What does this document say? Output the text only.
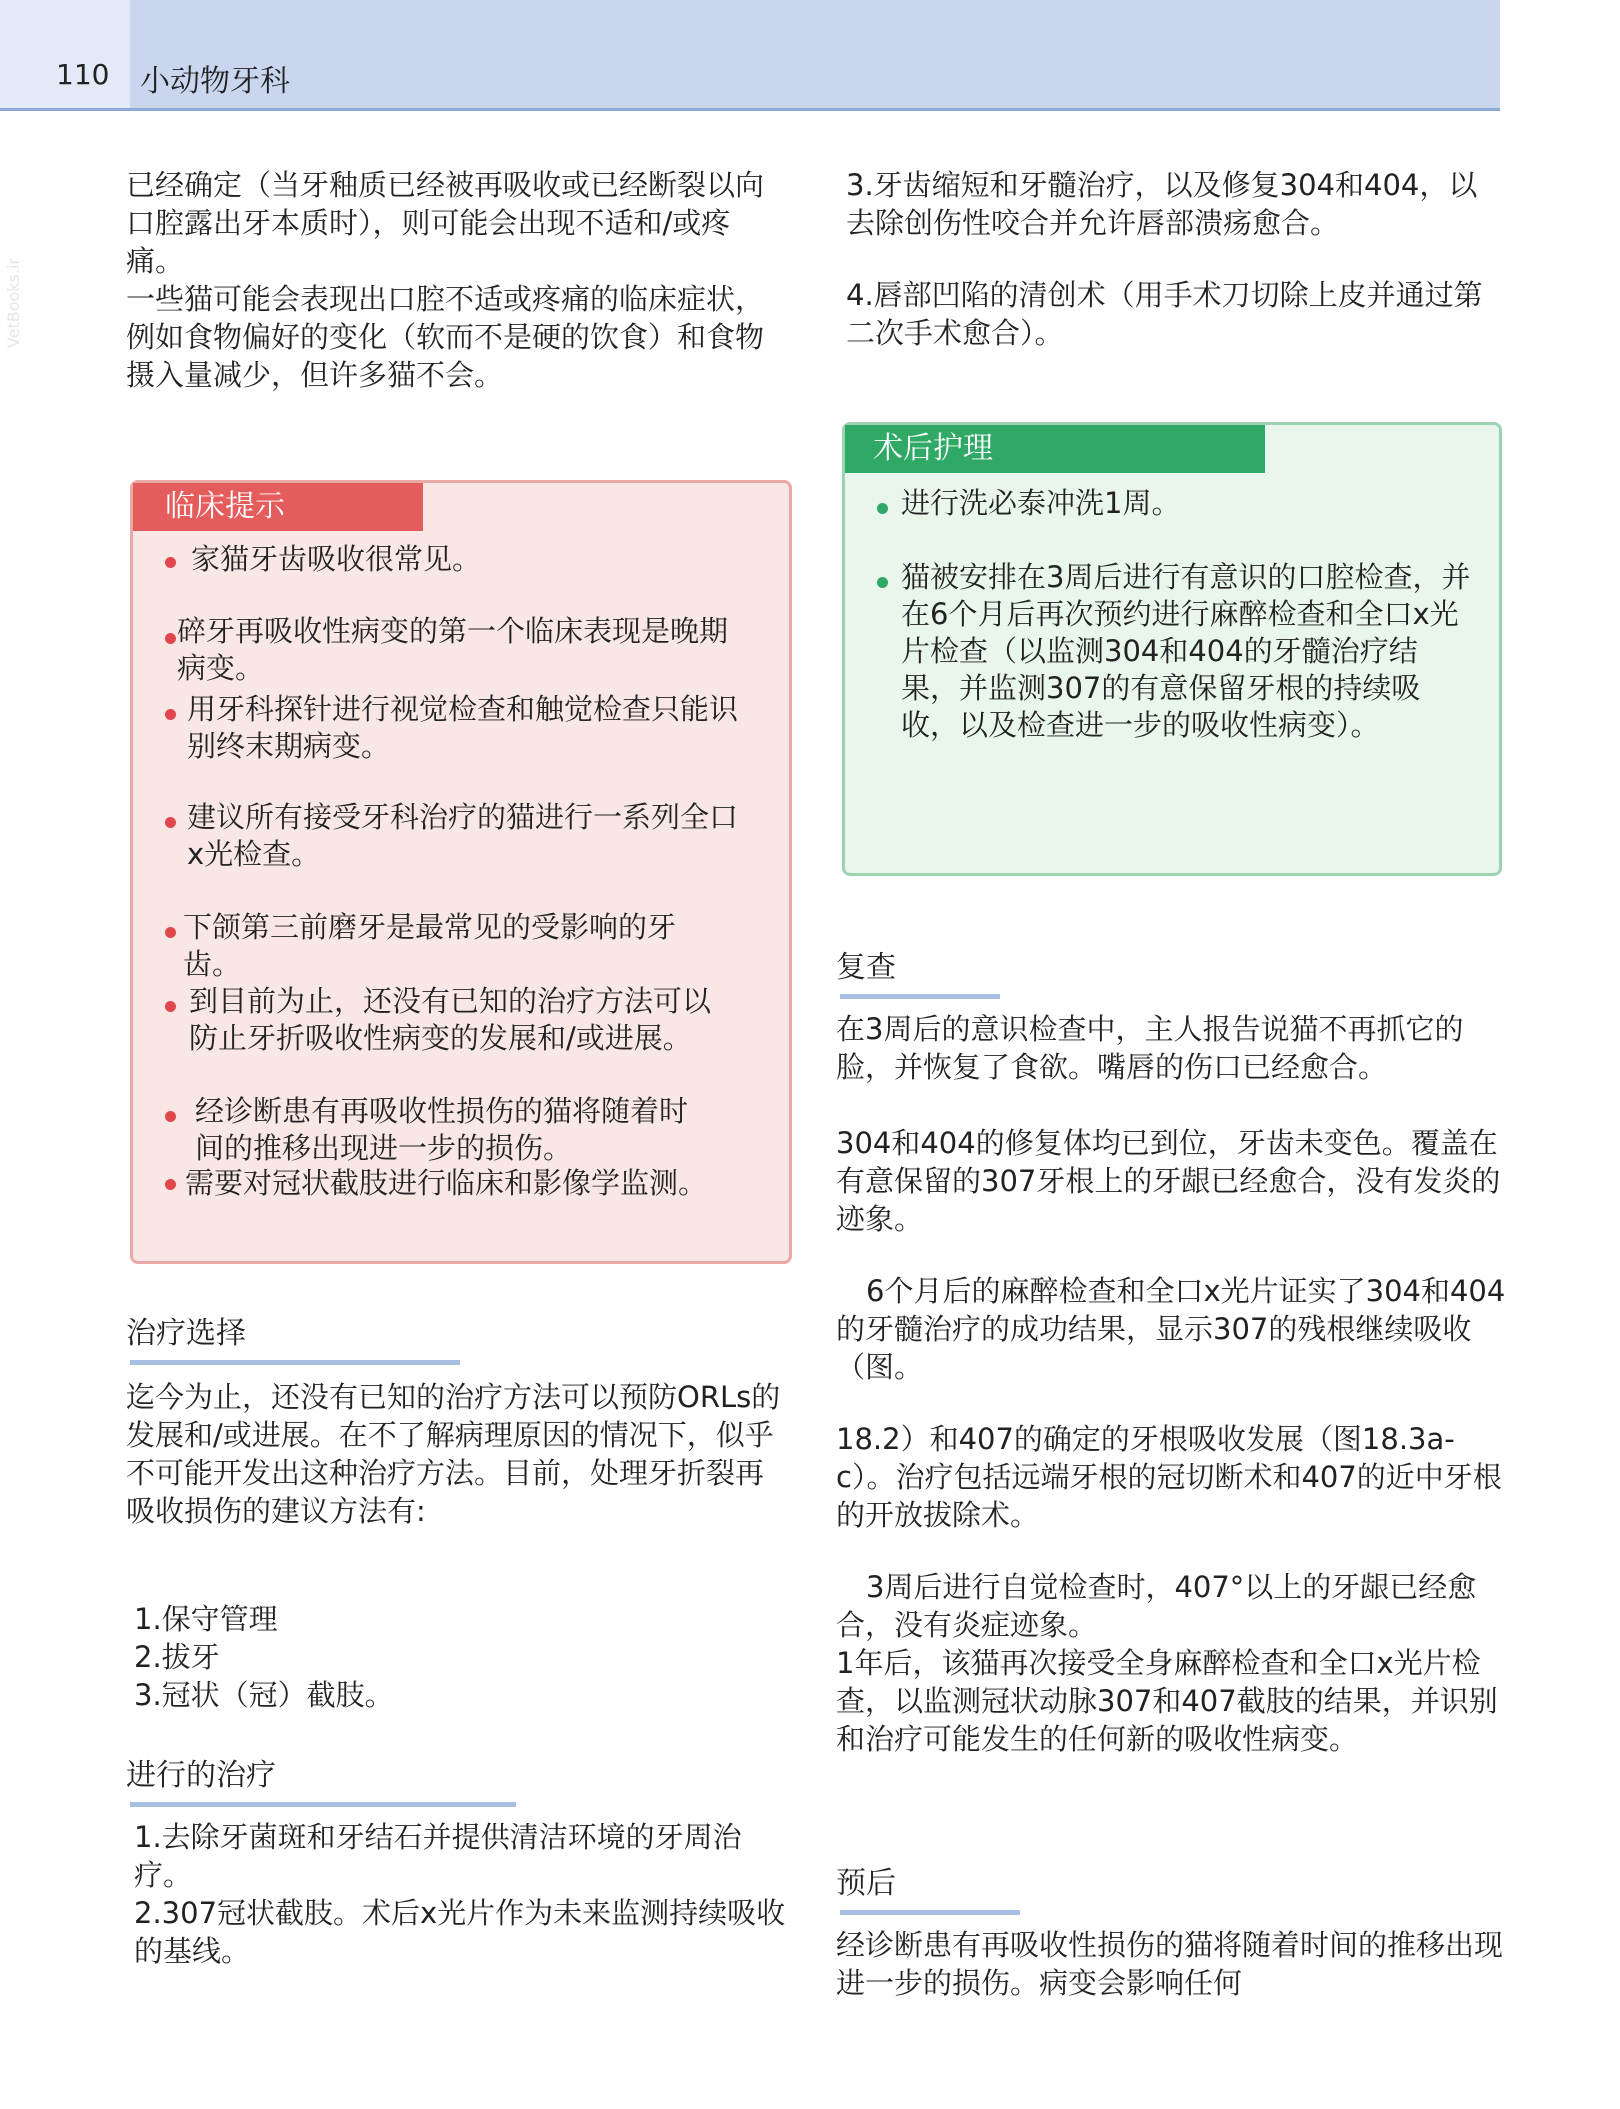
110 小动物牙科
VetBooks.ir

已经确定（当牙釉质已经被再吸收或已经断裂以向口腔露出牙本质时），则可能会出现不适和/或疼痛。

一些猫可能会表现出口腔不适或疼痛的临床症状，例如食物偏好的变化（软而不是硬的饮食）和食物摄入量减少，但许多猫不会。

临床提示
家猫牙齿吸收很常见。
碎牙再吸收性病变的第一个临床表现是晚期病变。
用牙科探针进行视觉检查和触觉检查只能识别终末期病变。
建议所有接受牙科治疗的猫进行一系列全口x光检查。
下颌第三前磨牙是最常见的受影响的牙齿。
到目前为止，还没有已知的治疗方法可以防止牙折吸收性病变的发展和/或进展。
经诊断患有再吸收性损伤的猫将随着时间的推移出现进一步的损伤。
需要对冠状截肢进行临床和影像学监测。
治疗选择

迄今为止，还没有已知的治疗方法可以预防ORLs的发展和/或进展。在不了解病理原因的情况下，似乎不可能开发出这种治疗方法。目前，处理牙折裂再吸收损伤的建议方法有:

1.保守管理

2.拔牙

3.冠状（冠）截肢。

进行的治疗

1.去除牙菌斑和牙结石并提供清洁环境的牙周治疗。

2.307冠状截肢。术后x光片作为未来监测持续吸收的基线。

3.牙齿缩短和牙髓治疗，以及修复304和404，以去除创伤性咬合并允许唇部溃疡愈合。

4.唇部凹陷的清创术（用手术刀切除上皮并通过第二次手术愈合）。

术后护理
进行洗必泰冲洗1周。
猫被安排在3周后进行有意识的口腔检查，并在6个月后再次预约进行麻醉检查和全口x光片检查（以监测304和404的牙髓治疗结果，并监测307的有意保留牙根的持续吸收，以及检查进一步的吸收性病变）。
复查

在3周后的意识检查中，主人报告说猫不再抓它的脸，并恢复了食欲。嘴唇的伤口已经愈合。

304和404的修复体均已到位，牙齿未变色。覆盖在有意保留的307牙根上的牙龈已经愈合，没有发炎的迹象。

6个月后的麻醉检查和全口x光片证实了304和404的牙髓治疗的成功结果，显示307的残根继续吸收（图。

18.2）和407的确定的牙根吸收发展（图18.3a-c）。治疗包括远端牙根的冠切断术和407的近中牙根的开放拔除术。

3周后进行自觉检查时，407°以上的牙龈已经愈合，没有炎症迹象。

1年后，该猫再次接受全身麻醉检查和全口x光片检查，以监测冠状动脉307和407截肢的结果，并识别和治疗可能发生的任何新的吸收性病变。

预后

经诊断患有再吸收性损伤的猫将随着时间的推移出现进一步的损伤。病变会影响任何
